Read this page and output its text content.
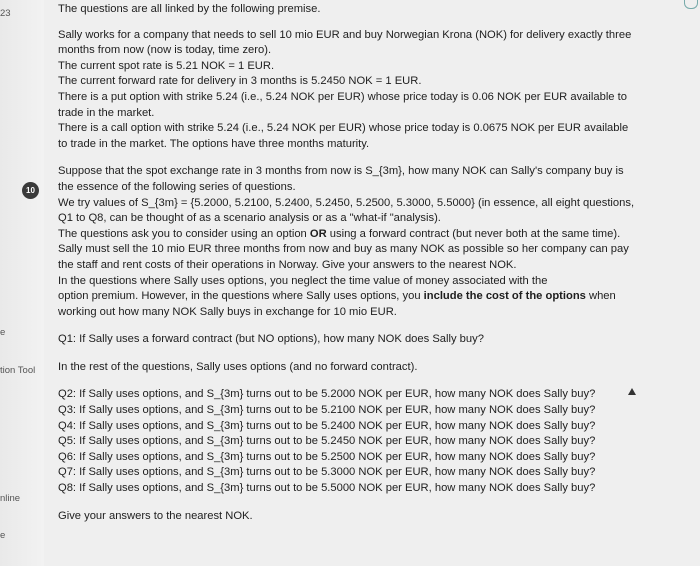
23
e
tion Tool
nline
e
10
The questions are all linked by the following premise.
Sally works for a company that needs to sell 10 mio EUR and buy Norwegian Krona (NOK) for delivery exactly three
months from now (now is today, time zero).
The current spot rate is 5.21 NOK = 1 EUR.
The current forward rate for delivery in 3 months is 5.2450 NOK = 1 EUR.
There is a put option with strike 5.24 (i.e., 5.24 NOK per EUR) whose price today is 0.06 NOK per EUR available to
trade in the market.
There is a call option with strike 5.24 (i.e., 5.24 NOK per EUR) whose price today is 0.0675 NOK per EUR available
to trade in the market. The options have three months maturity.
Suppose that the spot exchange rate in 3 months from now is S_{3m}, how many NOK can Sally's company buy is
the essence of the following series of questions.
We try values of S_{3m} = {5.2000, 5.2100, 5.2400, 5.2450, 5.2500, 5.3000, 5.5000} (in essence, all eight questions,
Q1 to Q8, can be thought of as a scenario analysis or as a "what-if "analysis).
The questions ask you to consider using an option OR using a forward contract (but never both at the same time).
Sally must sell the 10 mio EUR three months from now and buy as many NOK as possible so her company can pay
the staff and rent costs of their operations in Norway. Give your answers to the nearest NOK.
In the questions where Sally uses options, you neglect the time value of money associated with the
option premium. However, in the questions where Sally uses options, you include the cost of the options when
working out how many NOK Sally buys in exchange for 10 mio EUR.
Q1: If Sally uses a forward contract (but NO options), how many NOK does Sally buy?
In the rest of the questions, Sally uses options (and no forward contract).
Q2: If Sally uses options, and S_{3m} turns out to be 5.2000 NOK per EUR, how many NOK does Sally buy?
Q3: If Sally uses options, and S_{3m} turns out to be 5.2100 NOK per EUR, how many NOK does Sally buy?
Q4: If Sally uses options, and S_{3m} turns out to be 5.2400 NOK per EUR, how many NOK does Sally buy?
Q5: If Sally uses options, and S_{3m} turns out to be 5.2450 NOK per EUR, how many NOK does Sally buy?
Q6: If Sally uses options, and S_{3m} turns out to be 5.2500 NOK per EUR, how many NOK does Sally buy?
Q7: If Sally uses options, and S_{3m} turns out to be 5.3000 NOK per EUR, how many NOK does Sally buy?
Q8: If Sally uses options, and S_{3m} turns out to be 5.5000 NOK per EUR, how many NOK does Sally buy?
Give your answers to the nearest NOK.
